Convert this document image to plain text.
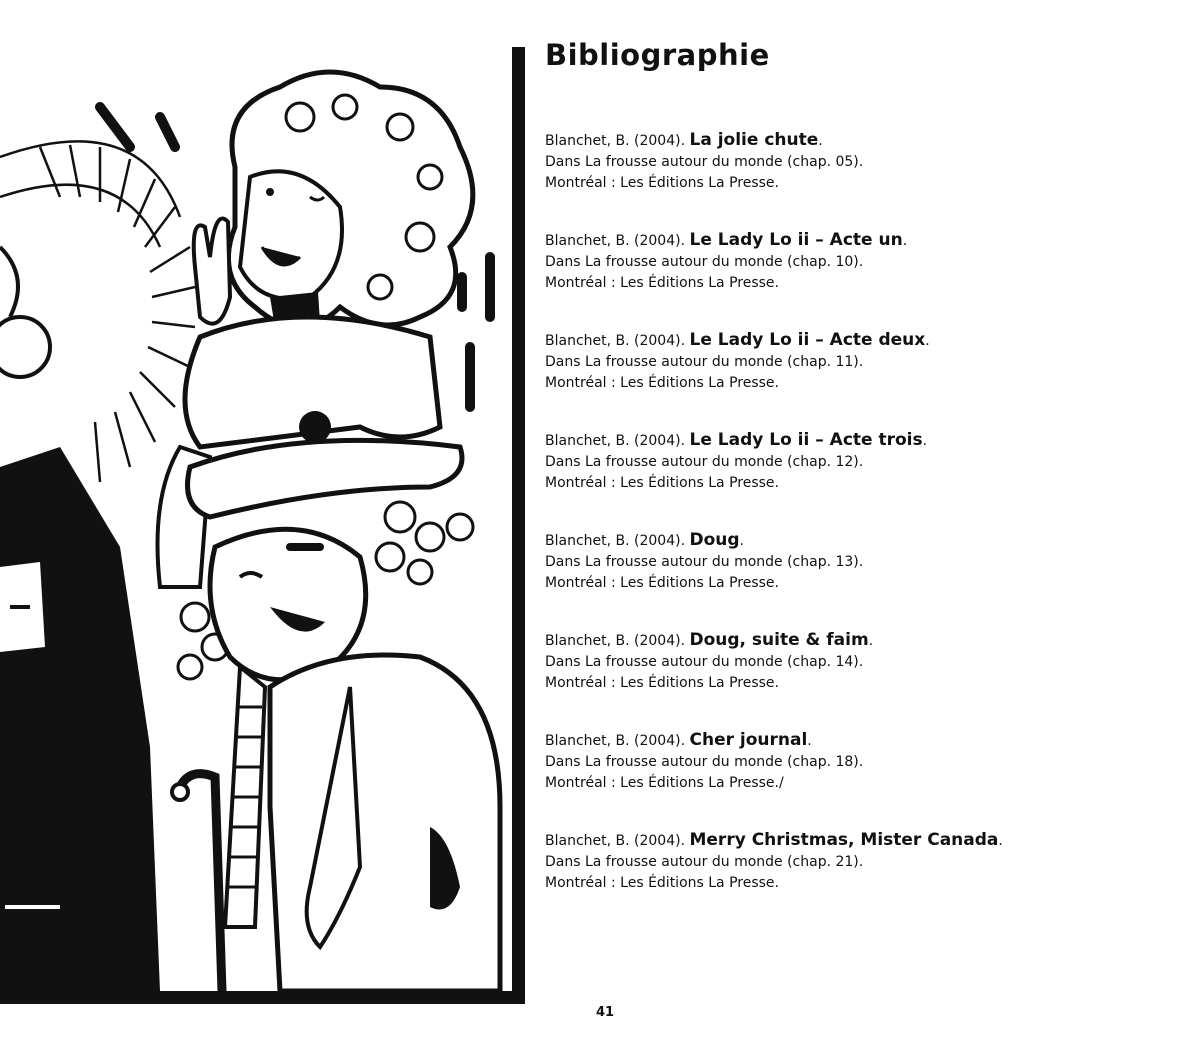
Bibliographie
Blanchet, B. (2004). La jolie chute.
Dans La frousse autour du monde (chap. 05).
Montréal : Les Éditions La Presse.
Blanchet, B. (2004). Le Lady Lo ii – Acte un.
Dans La frousse autour du monde (chap. 10).
Montréal : Les Éditions La Presse.
Blanchet, B. (2004). Le Lady Lo ii – Acte deux.
Dans La frousse autour du monde (chap. 11).
Montréal : Les Éditions La Presse.
Blanchet, B. (2004). Le Lady Lo ii – Acte trois.
Dans La frousse autour du monde (chap. 12).
Montréal : Les Éditions La Presse.
Blanchet, B. (2004). Doug.
Dans La frousse autour du monde (chap. 13).
Montréal : Les Éditions La Presse.
Blanchet, B. (2004). Doug, suite & faim.
Dans La frousse autour du monde (chap. 14).
Montréal : Les Éditions La Presse.
Blanchet, B. (2004). Cher journal.
Dans La frousse autour du monde (chap. 18).
Montréal : Les Éditions La Presse./
Blanchet, B. (2004). Merry Christmas, Mister Canada.
Dans La frousse autour du monde (chap. 21).
Montréal : Les Éditions La Presse.
41
